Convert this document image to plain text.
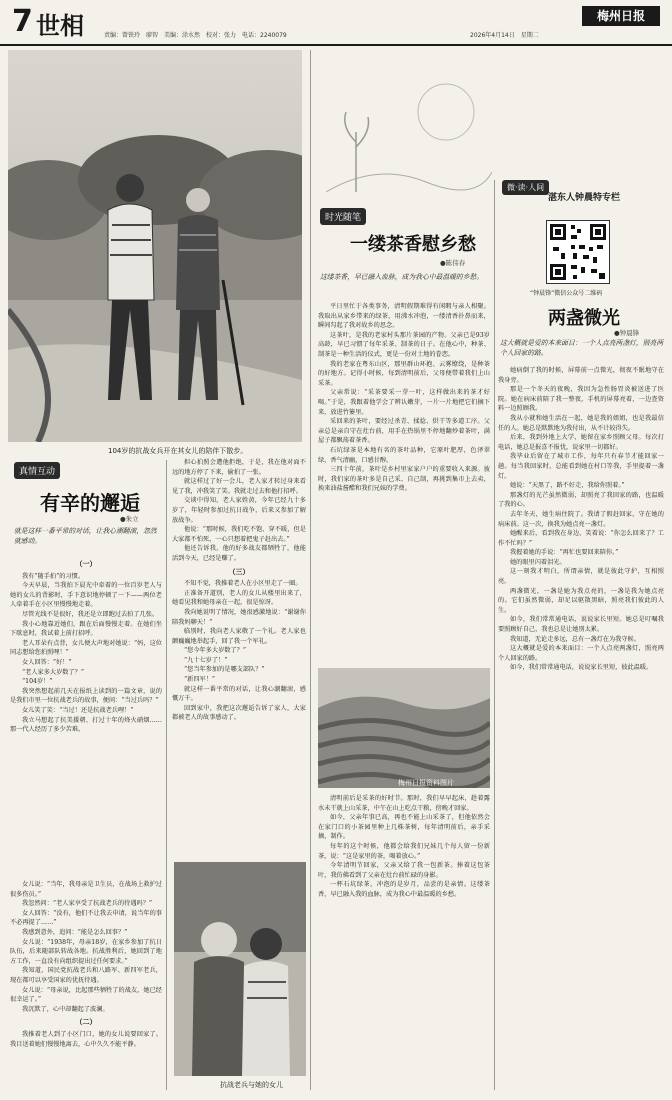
7 世相	责编：曾铁玲　廖智　美编：涂水然　校对：张力　电话：2240079
梅州日报
2026年4月14日　星期二
104岁的抗战女兵开在其女儿的陪伴下散步。
真情互动
有辛的邂逅
●朱立
就是这样一番平常的对话，让我心潮翻滚，忽然就感动。
（一）

我有“随手拍”的习惯。

今天早晨，当我拍下晨光中牵着的一位百岁老人与她的女儿的背影时，手下意识地停顿了一下——两位老人牵着手在小区里慢慢地走着。

尽管光线不是很好，我还是立即跑过去拍了几张。

我小心地靠近她们，跟在后面慢慢走着。在她们坐下歇息时，我试着上前打招呼。

老人耳朵有点背，女儿便大声地对她说：“妈，这位同志想给您拍照哩！”

女人回答：“好！”

“老人家多大岁数了？”

“104岁！”

我突然想起前几天在报纸上读到的一篇文章，说的是我们市里一位抗战老兵的故事，便问：“当过兵吗？”

女儿笑了笑：“当过！还是抗战老兵哩！”

我立马想起了抗美援朝、打过十年的烽火硝烟……那一代人经历了多少苦难。

女儿说：“当年，我母亲是卫生员，在战场上救护过很多伤员。”

我忽然问：“老人家享受了抗战老兵的待遇吗？”

女人回答：“没有，他们不让我去申请，说当年的事不必再提了……”

我感到意外，追问：“能是怎么回事？”

女儿说：“1938年，母亲18岁，在家乡参加了抗日队伍，后来随部队转战各地。抗战胜利后，她回到了地方工作，一直没有向组织提出过任何要求。”

我知道，国民党抗战老兵和八路军、新四军老兵，现在都可以享受国家的优抚待遇。

女儿说：“母亲说，比起那些牺牲了的战友，她已经很幸运了。”

我沉默了，心中却翻起了波澜。

（二）

我推着老人到了小区门口，她的女儿说要回家了。我目送着她们慢慢地离去，心中久久不能平静。

担心拍照会遭他拒绝，于是，我在他对面不远的地方停了下来，偷拍了一张。

就这样过了好一会儿，老人家才转过身来看见了我，冲我笑了笑。我就走过去和他打招呼。

交谈中得知，老人家姓黄，今年已经九十多岁了，年轻时参加过抗日战争，后来又参加了解放战争。

他说：“那时候，我们吃不饱、穿不暖，但是大家都不怕死，一心只想着把鬼子赶出去。”

他还告诉我，他的好多战友都牺牲了，他能活到今天，已经是赚了。

（三）

不知不觉，我推着老人在小区里走了一圈。

正准备开道别，老人的女儿从楼里出来了，她看见我和她母亲在一起，很是惊讶。

我向她说明了情况，她很感激地说：“谢谢你陪我妈聊天！”

临别时，我向老人家敬了一个礼。老人家也颤巍巍地举起手，回了我一个军礼。

“您今年多大岁数了？”

“九十七岁了！”

“您当年参加的是哪支部队？”

“新四军！”

就这样一番平常的对话，让我心潮翻滚，感慨万千。

回到家中，我把这次邂逅告诉了家人，大家都被老人的故事感动了。

抗战老兵与她的女儿
时光随笔
一缕茶香慰乡愁
●陈伟春
这缕茶香，早已融入血脉，成为我心中最温暖的乡愁。

平日里忙于各类事务，清明假期难得有闲暇与亲人相聚。我取出从家乡带来的绿茶，用沸水冲泡，一缕清香扑鼻而来，瞬间勾起了我对故乡的思念。

这茶叶，是我的老家村头那片茶园的产物。父亲已是93岁高龄，早已习惯了每年采茶、制茶的日子。在他心中，种茶、制茶是一种生活的仪式，更是一份对土地的眷恋。

我的老家在粤东山区，那里群山环抱、云雾缭绕，是种茶的好地方。记得小时候，每到清明前后，父母便带着我们上山采茶。

父亲常说：“采茶要采一芽一叶，这样做出来的茶才好喝。”于是，我跟着他学会了辨认嫩芽，一片一片地把它们摘下来，放进竹篓里。

采回来的茶叶，要经过杀青、揉捻、烘干等多道工序。父亲总是亲自守在灶台前，用手在热锅里不停地翻炒着茶叶，满屋子都飘荡着茶香。

石坑绿茶是本地有名的茶叶品种，它原叶肥厚，色泽翠绿，香气清幽，口感甘醇。

三四十年前，茶叶是乡村里家家户户的重要收入来源。彼时，我们家的茶叶多是自己采、自己制，再挑到集市上去卖，换来油盐酱醋和我们兄妹的学费。

梅州日报资料图片

清明前后是采茶的好时节。那时，我们早早起床，趁着露水未干就上山采茶，中午在山上吃点干粮，傍晚才回家。

如今，父亲年事已高，再也不能上山采茶了，但他依然会在家门口的小茶园里种上几株茶树，每年清明前后，亲手采摘、制作。

每年的这个时候，他都会给我们兄妹几个每人留一份新茶，说：“这是家里的茶，喝着放心。”

今年清明节回家，父亲又给了我一包新茶。捧着这包茶叶，我仿佛看到了父亲在灶台前忙碌的身影。

一杯石坑绿茶，冲泡的是岁月，品尝的是亲情。这缕茶香，早已融入我的血脉，成为我心中最温暖的乡愁。

微·读·人间
湛东人钟晨特专栏
“钟晨锋”微信公众号二维码
两盏微光
●钟晨锋
这大概就是爱的本来面目：一个人点亮两盏灯，照亮两个人回家的路。

她病倒了我的时候，屏幕前一点微光，彻夜不眠地守在我身旁。

那是一个冬天的夜晚，我因为急性肠胃炎被送进了医院。她在病床前陪了我一整夜，手机的屏幕亮着，一边查资料一边照顾我。

我从小就和她生活在一起，她是我的姐姐，也是我最信任的人。她总是默默地为我付出，从不计较得失。

后来，我到外地上大学，她留在家乡照顾父母。每次打电话，她总是报喜不报忧，说家里一切都好。

我毕业后留在了城市工作，每年只有春节才能回家一趟。每当我回家时，总能看到她在村口等我，手里提着一盏灯。

她说：“天黑了，路不好走，我给你照着。”

那盏灯的光芒虽然微弱，却照亮了我回家的路，也温暖了我的心。

去年冬天，她生病住院了。我请了假赶回家，守在她的病床前。这一次，换我为她点亮一盏灯。

她醒来后，看到我在身边，笑着说：“你怎么回来了？工作不忙吗？”

我握着她的手说：“再忙也要回来陪你。”

她的眼里闪着泪光。

这一刻我才明白，所谓亲情，就是彼此守护，互相照亮。

两盏微光，一盏是她为我点亮的，一盏是我为她点亮的。它们虽然微弱，却足以驱散黑暗，照亮我们彼此的人生。

如今，我们常常通电话，说说家长里短。她总是叮嘱我要照顾好自己，我也总是让她别太累。

我知道，无论走多远，总有一盏灯在为我守候。

这大概就是爱的本来面目：一个人点亮两盏灯，照亮两个人回家的路。

如今，我们常常通电话，说说家长里短，彼此温暖。
